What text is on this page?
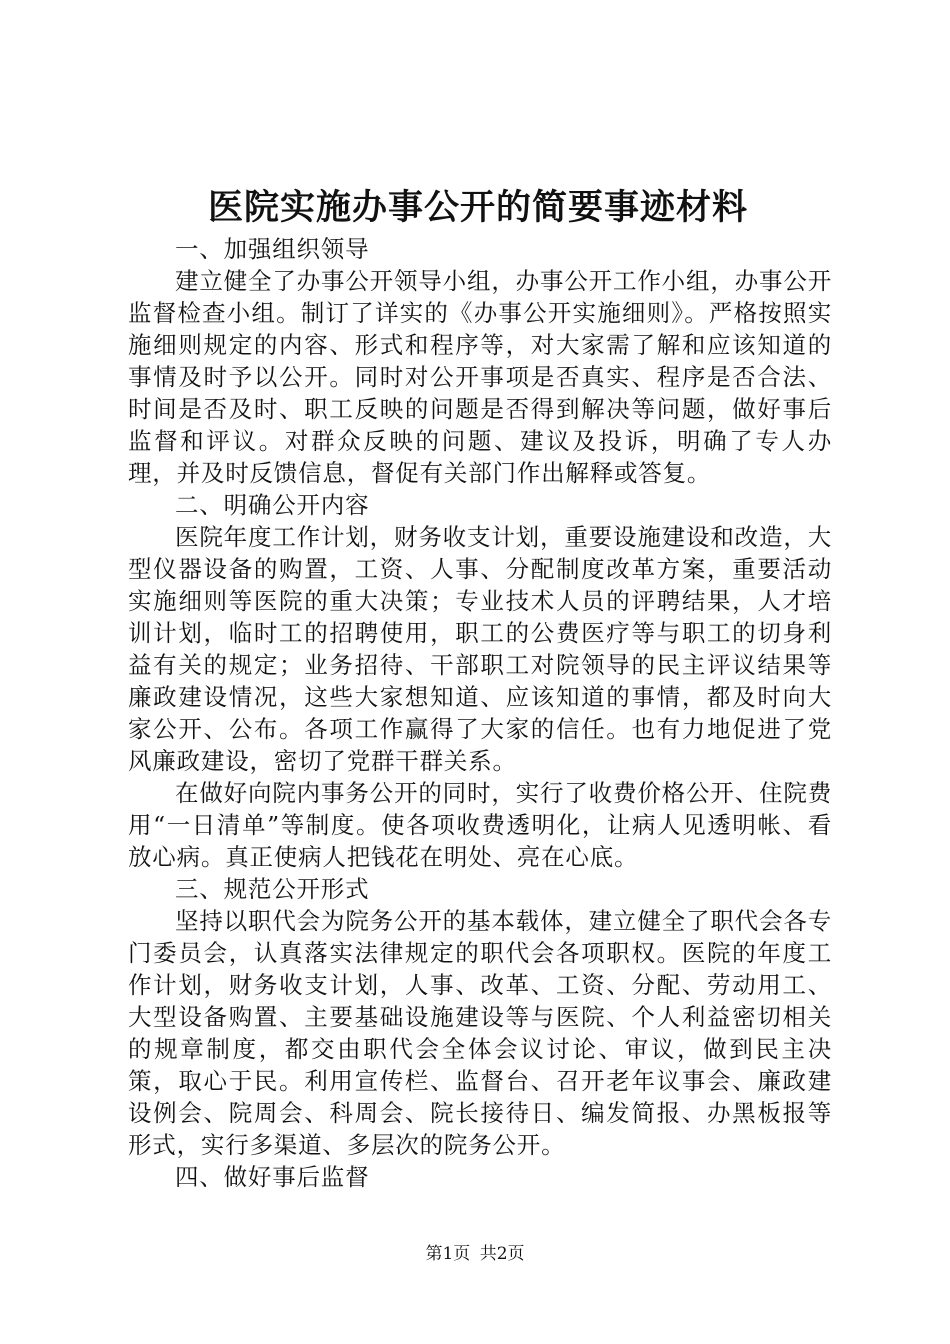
医院实施办事公开的简要事迹材料

一、加强组织领导

建立健全了办事公开领导小组，办事公开工作小组，办事公开监督检查小组。制订了详实的《办事公开实施细则》。严格按照实施细则规定的内容、形式和程序等，对大家需了解和应该知道的事情及时予以公开。同时对公开事项是否真实、程序是否合法、时间是否及时、职工反映的问题是否得到解决等问题，做好事后监督和评议。对群众反映的问题、建议及投诉，明确了专人办理，并及时反馈信息，督促有关部门作出解释或答复。

二、明确公开内容

医院年度工作计划，财务收支计划，重要设施建设和改造，大型仪器设备的购置，工资、人事、分配制度改革方案，重要活动实施细则等医院的重大决策；专业技术人员的评聘结果，人才培训计划，临时工的招聘使用，职工的公费医疗等与职工的切身利益有关的规定；业务招待、干部职工对院领导的民主评议结果等廉政建设情况，这些大家想知道、应该知道的事情，都及时向大家公开、公布。各项工作赢得了大家的信任。也有力地促进了党风廉政建设，密切了党群干群关系。

在做好向院内事务公开的同时，实行了收费价格公开、住院费用“一日清单”等制度。使各项收费透明化，让病人见透明帐、看放心病。真正使病人把钱花在明处、亮在心底。

三、规范公开形式

坚持以职代会为院务公开的基本载体，建立健全了职代会各专门委员会，认真落实法律规定的职代会各项职权。医院的年度工作计划，财务收支计划，人事、改革、工资、分配、劳动用工、大型设备购置、主要基础设施建设等与医院、个人利益密切相关的规章制度，都交由职代会全体会议讨论、审议，做到民主决策，取心于民。利用宣传栏、监督台、召开老年议事会、廉政建设例会、院周会、科周会、院长接待日、编发简报、办黑板报等形式，实行多渠道、多层次的院务公开。

四、做好事后监督

第1页 共2页
